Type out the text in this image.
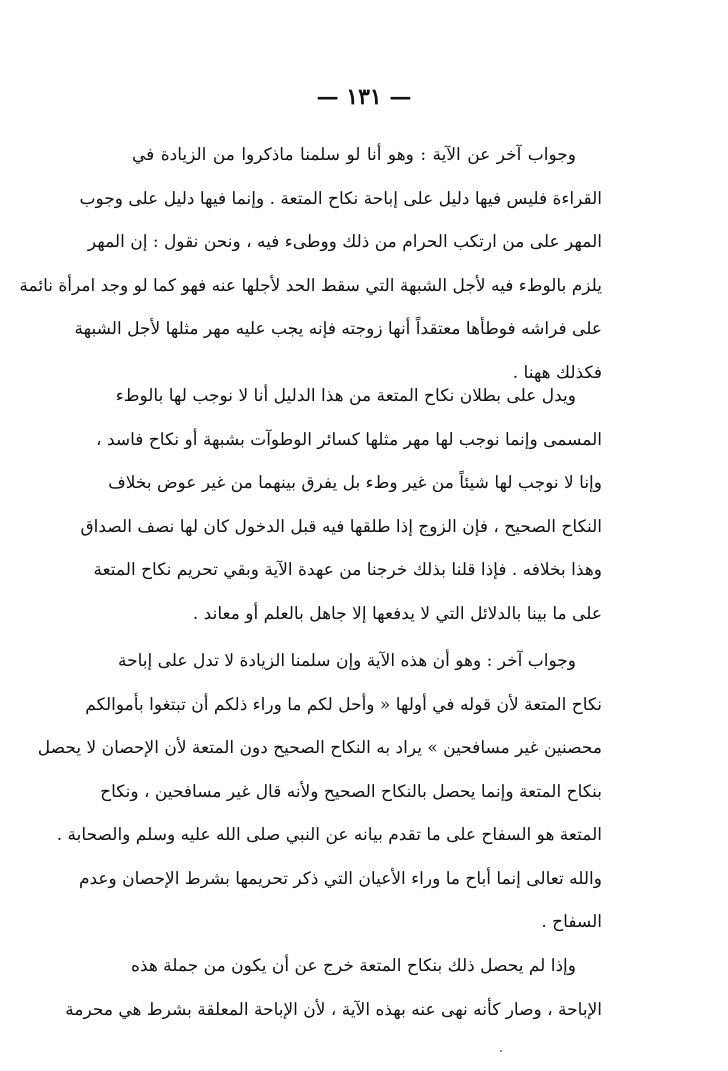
— ١٣١ —
وجواب آخر عن الآية : وهو أنا لو سلمنا ماذكروا من الزيادة في
القراءة فليس فيها دليل على إباحة نكاح المتعة . وإنما فيها دليل على وجوب
المهر على من ارتكب الحرام من ذلك ووطىء فيه ، ونحن نقول : إن المهر
يلزم بالوطء فيه لأجل الشبهة التي سقط الحد لأجلها عنه فهو كما لو وجد امرأة نائمة
على فراشه فوطأها معتقداً أنها زوجته فإنه يجب عليه مهر مثلها لأجل الشبهة
فكذلك ههنا .
ويدل على بطلان نكاح المتعة من هذا الدليل أنا لا نوجب لها بالوطء
المسمى وإنما نوجب لها مهر مثلها كسائر الوطوآت بشبهة أو نكاح فاسد ،
وإنا لا نوجب لها شيئاً من غير وطء بل يفرق بينهما من غير عوض بخلاف
النكاح الصحيح ، فإن الزوج إذا طلقها فيه قبل الدخول كان لها نصف الصداق
وهذا بخلافه . فإذا قلنا بذلك خرجنا من عهدة الآية وبقي تحريم نكاح المتعة
على ما بينا بالدلائل التي لا يدفعها إلا جاهل بالعلم أو معاند .
وجواب آخر : وهو أن هذه الآية وإن سلمنا الزيادة لا تدل على إباحة
نكاح المتعة لأن قوله في أولها « وأحل لكم ما وراء ذلكم أن تبتغوا بأموالكم
محصنين غير مسافحين » يراد به النكاح الصحيح دون المتعة لأن الإحصان لا يحصل
بنكاح المتعة وإنما يحصل بالنكاح الصحيح ولأنه قال غير مسافحين ، ونكاح
المتعة هو السفاح على ما تقدم بيانه عن النبي صلى الله عليه وسلم والصحابة .
والله تعالى إنما أباح ما وراء الأعيان التي ذكر تحريمها بشرط الإحصان وعدم
السفاح .
وإذا لم يحصل ذلك بنكاح المتعة خرج عن أن يكون من جملة هذه
الإباحة ، وصار كأنه نهى عنه بهذه الآية ، لأن الإباحة المعلقة بشرط هي محرمة
